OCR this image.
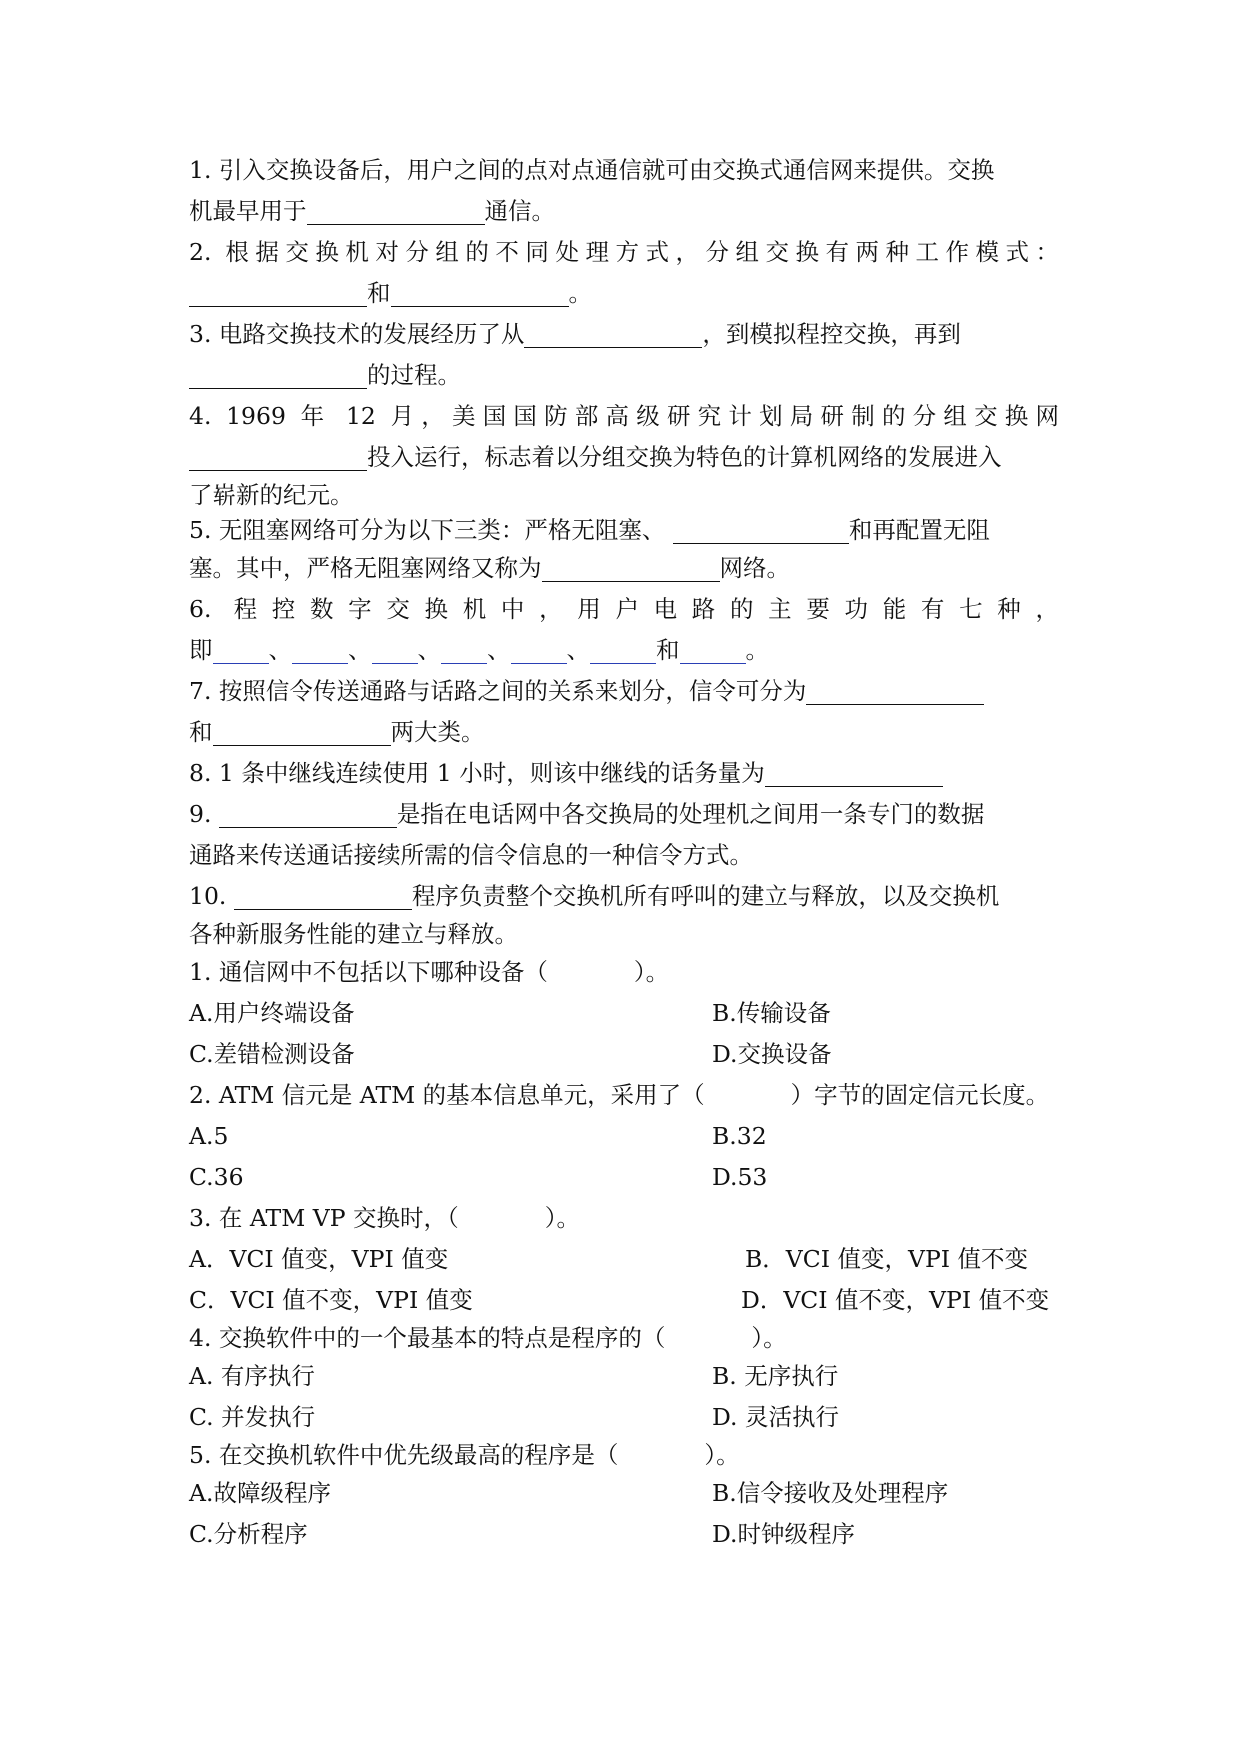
1. 引入交换设备后，用户之间的点对点通信就可由交换式通信网来提供。交换
机最早用于	通信。
2. 根据交换机对分组的不同处理方式，分组交换有两种工作模式：
和	。
3. 电路交换技术的发展经历了从	，到模拟程控交换，再到
的过程。
4. 1969 年 12 月，美国国防部高级研究计划局研制的分组交换网
投入运行，标志着以分组交换为特色的计算机网络的发展进入
了崭新的纪元。
5. 无阻塞网络可分为以下三类：严格无阻塞、	和再配置无阻
塞。其中，严格无阻塞网络又称为	网络。
6. 程控数字交换机中，用户电路的主要功能有七种，
即 、 、 、 、 、	和	。
7. 按照信令传送通路与话路之间的关系来划分，信令可分为
和	两大类。
8. 1 条中继线连续使用 1 小时，则该中继线的话务量为
9.	是指在电话网中各交换局的处理机之间用一条专门的数据
通路来传送通话接续所需的信令信息的一种信令方式。
10.	程序负责整个交换机所有呼叫的建立与释放，以及交换机
各种新服务性能的建立与释放。
1. 通信网中不包括以下哪种设备（	）。
A.用户终端设备	B.传输设备
C.差错检测设备	D.交换设备
2. ATM 信元是 ATM 的基本信息单元，采用了（	）字节的固定信元长度。
A.5	B.32
C.36	D.53
3. 在 ATM VP 交换时，（	）。
A．VCI 值变，VPI 值变	B．VCI 值变，VPI 值不变
C．VCI 值不变，VPI 值变	D．VCI 值不变，VPI 值不变
4. 交换软件中的一个最基本的特点是程序的（	）。
A. 有序执行	B. 无序执行
C. 并发执行	D. 灵活执行
5. 在交换机软件中优先级最高的程序是（	）。
A.故障级程序	B.信令接收及处理程序
C.分析程序	D.时钟级程序
